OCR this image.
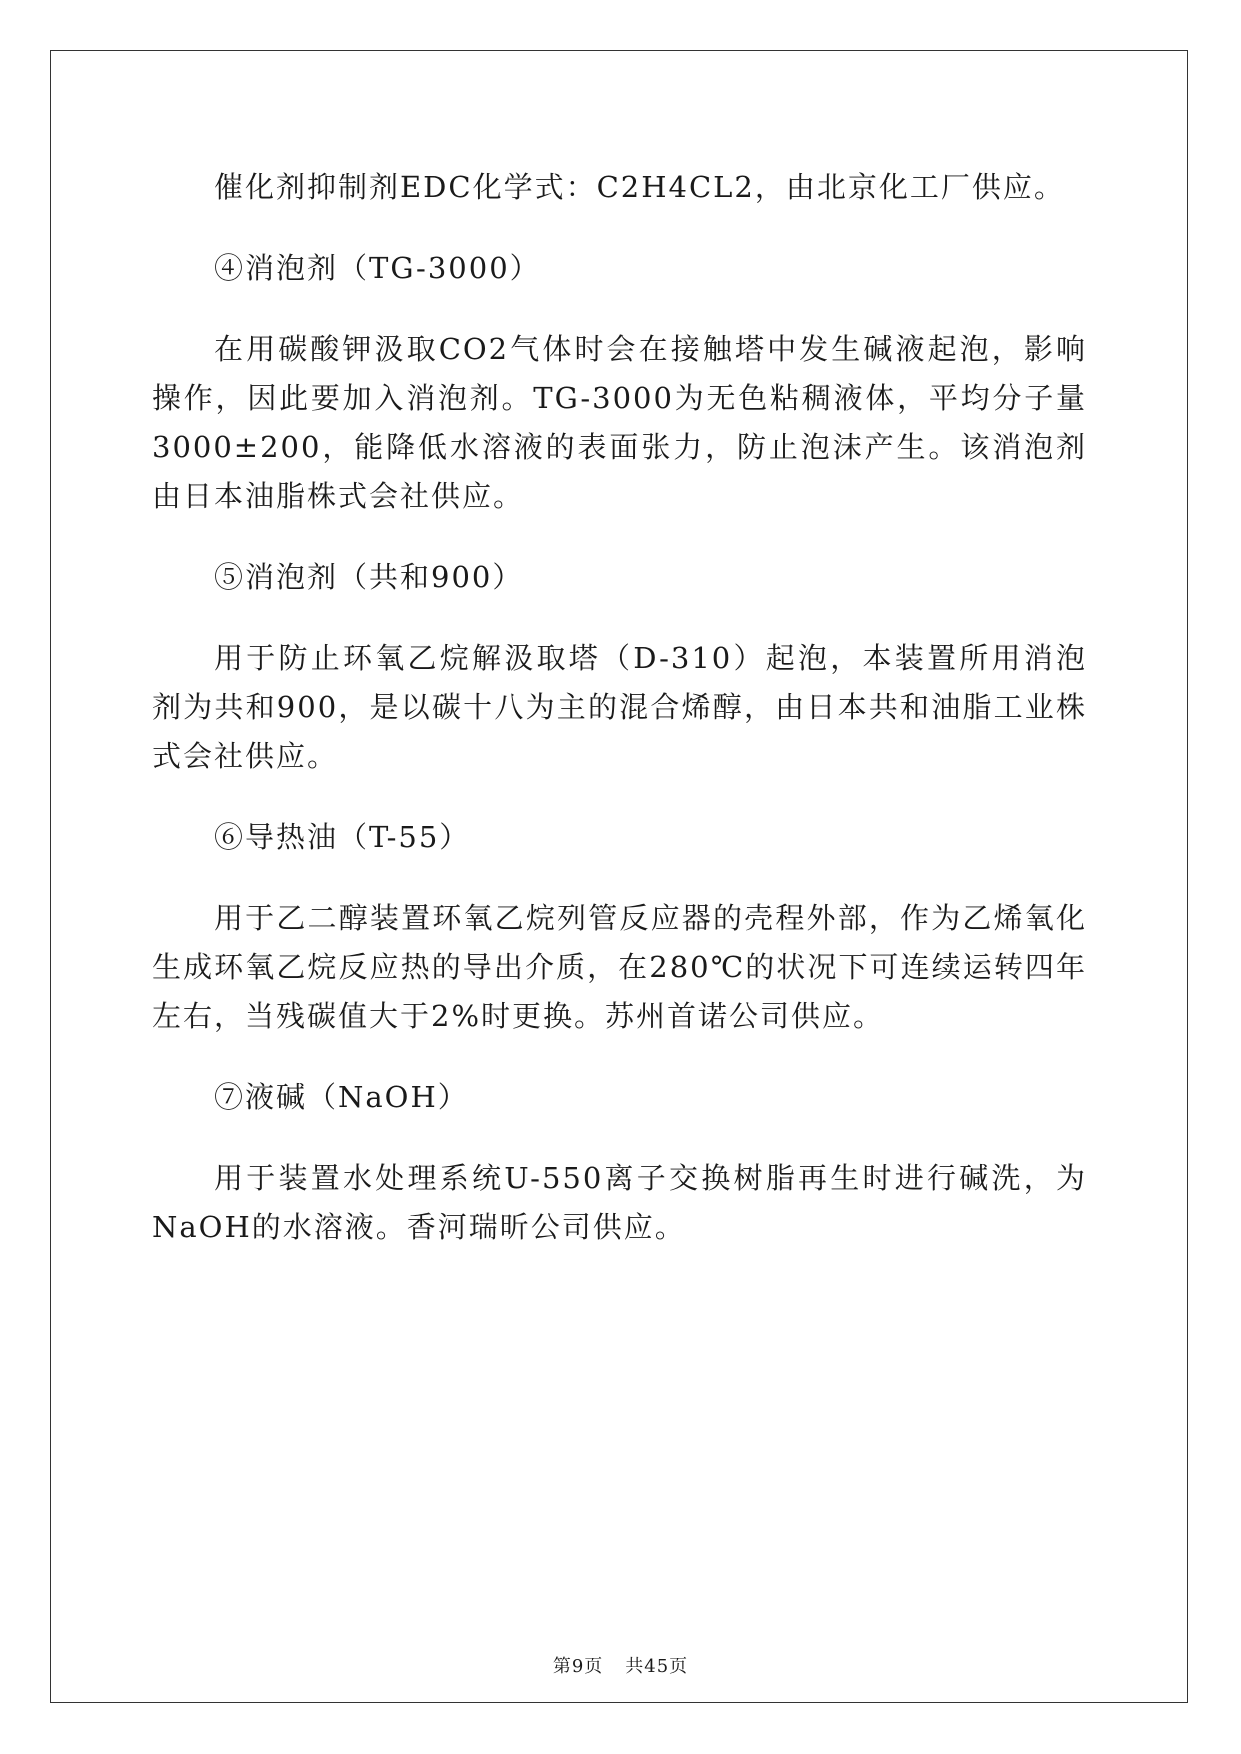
催化剂抑制剂EDC化学式：C2H4CL2，由北京化工厂供应。

④消泡剂（TG-3000）

在用碳酸钾汲取CO2气体时会在接触塔中发生碱液起泡，影响操作，因此要加入消泡剂。TG-3000为无色粘稠液体，平均分子量3000±200，能降低水溶液的表面张力，防止泡沫产生。该消泡剂由日本油脂株式会社供应。

⑤消泡剂（共和900）

用于防止环氧乙烷解汲取塔（D-310）起泡，本装置所用消泡剂为共和900，是以碳十八为主的混合烯醇，由日本共和油脂工业株式会社供应。

⑥导热油（T-55）

用于乙二醇装置环氧乙烷列管反应器的壳程外部，作为乙烯氧化生成环氧乙烷反应热的导出介质，在280℃的状况下可连续运转四年左右，当残碳值大于2%时更换。苏州首诺公司供应。

⑦液碱（NaOH）

用于装置水处理系统U-550离子交换树脂再生时进行碱洗，为NaOH的水溶液。香河瑞昕公司供应。

第9页 共45页
